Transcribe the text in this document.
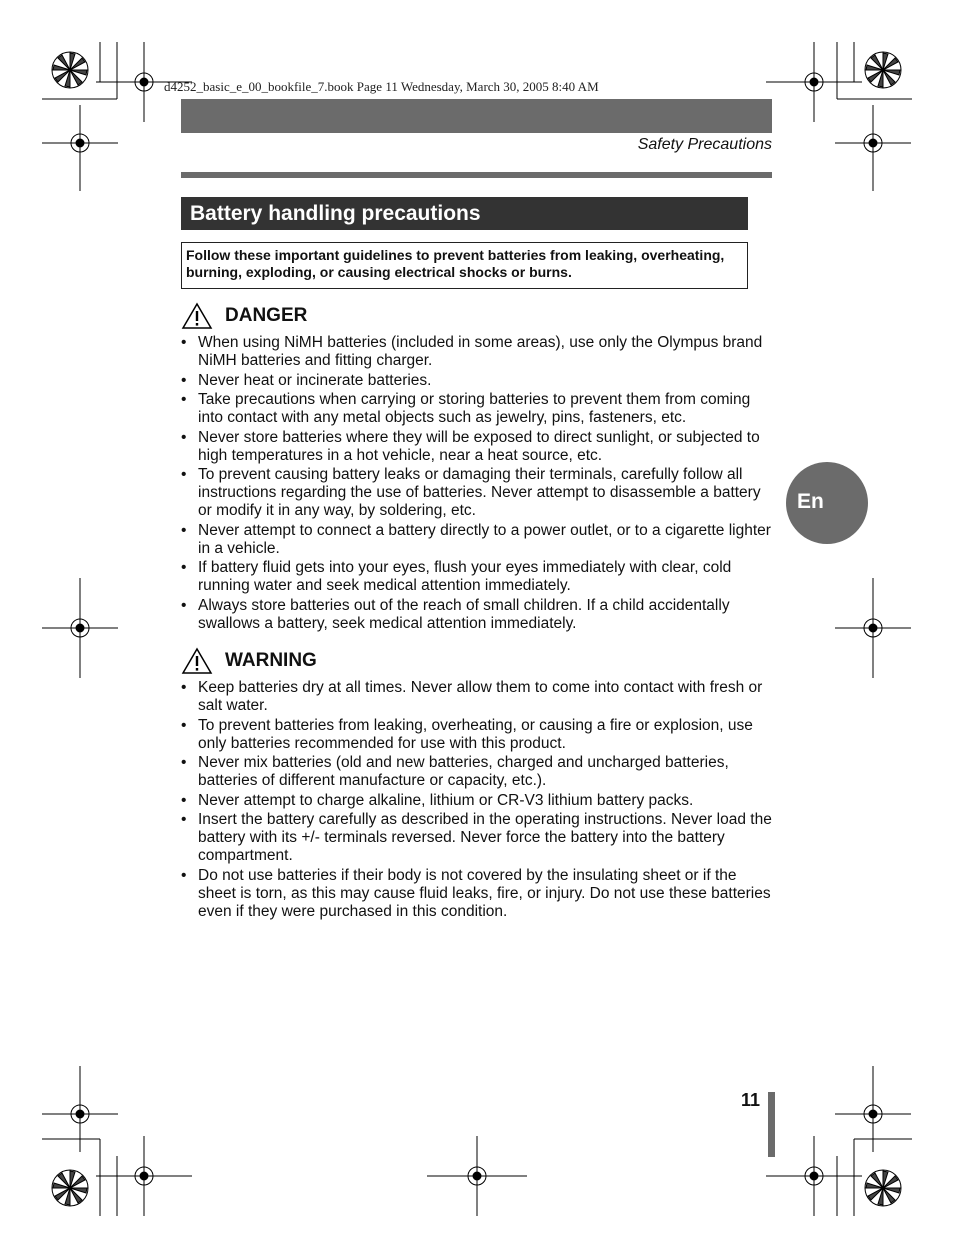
d4252_basic_e_00_bookfile_7.book Page 11 Wednesday, March 30, 2005 8:40 AM
Safety Precautions
Battery handling precautions
Follow these important guidelines to prevent batteries from leaking, overheating, burning, exploding, or causing electrical shocks or burns.
DANGER
• When using NiMH batteries (included in some areas), use only the Olympus brand NiMH batteries and fitting charger.
• Never heat or incinerate batteries.
• Take precautions when carrying or storing batteries to prevent them from coming into contact with any metal objects such as jewelry, pins, fasteners, etc.
• Never store batteries where they will be exposed to direct sunlight, or subjected to high temperatures in a hot vehicle, near a heat source, etc.
• To prevent causing battery leaks or damaging their terminals, carefully follow all instructions regarding the use of batteries. Never attempt to disassemble a battery or modify it in any way, by soldering, etc.
• Never attempt to connect a battery directly to a power outlet, or to a cigarette lighter in a vehicle.
• If battery fluid gets into your eyes, flush your eyes immediately with clear, cold running water and seek medical attention immediately.
• Always store batteries out of the reach of small children. If a child accidentally swallows a battery, seek medical attention immediately.
WARNING
• Keep batteries dry at all times. Never allow them to come into contact with fresh or salt water.
• To prevent batteries from leaking, overheating, or causing a fire or explosion, use only batteries recommended for use with this product.
• Never mix batteries (old and new batteries, charged and uncharged batteries, batteries of different manufacture or capacity, etc.).
• Never attempt to charge alkaline, lithium or CR-V3 lithium battery packs.
• Insert the battery carefully as described in the operating instructions. Never load the battery with its +/- terminals reversed. Never force the battery into the battery compartment.
• Do not use batteries if their body is not covered by the insulating sheet or if the sheet is torn, as this may cause fluid leaks, fire, or injury. Do not use these batteries even if they were purchased in this condition.
En
11
